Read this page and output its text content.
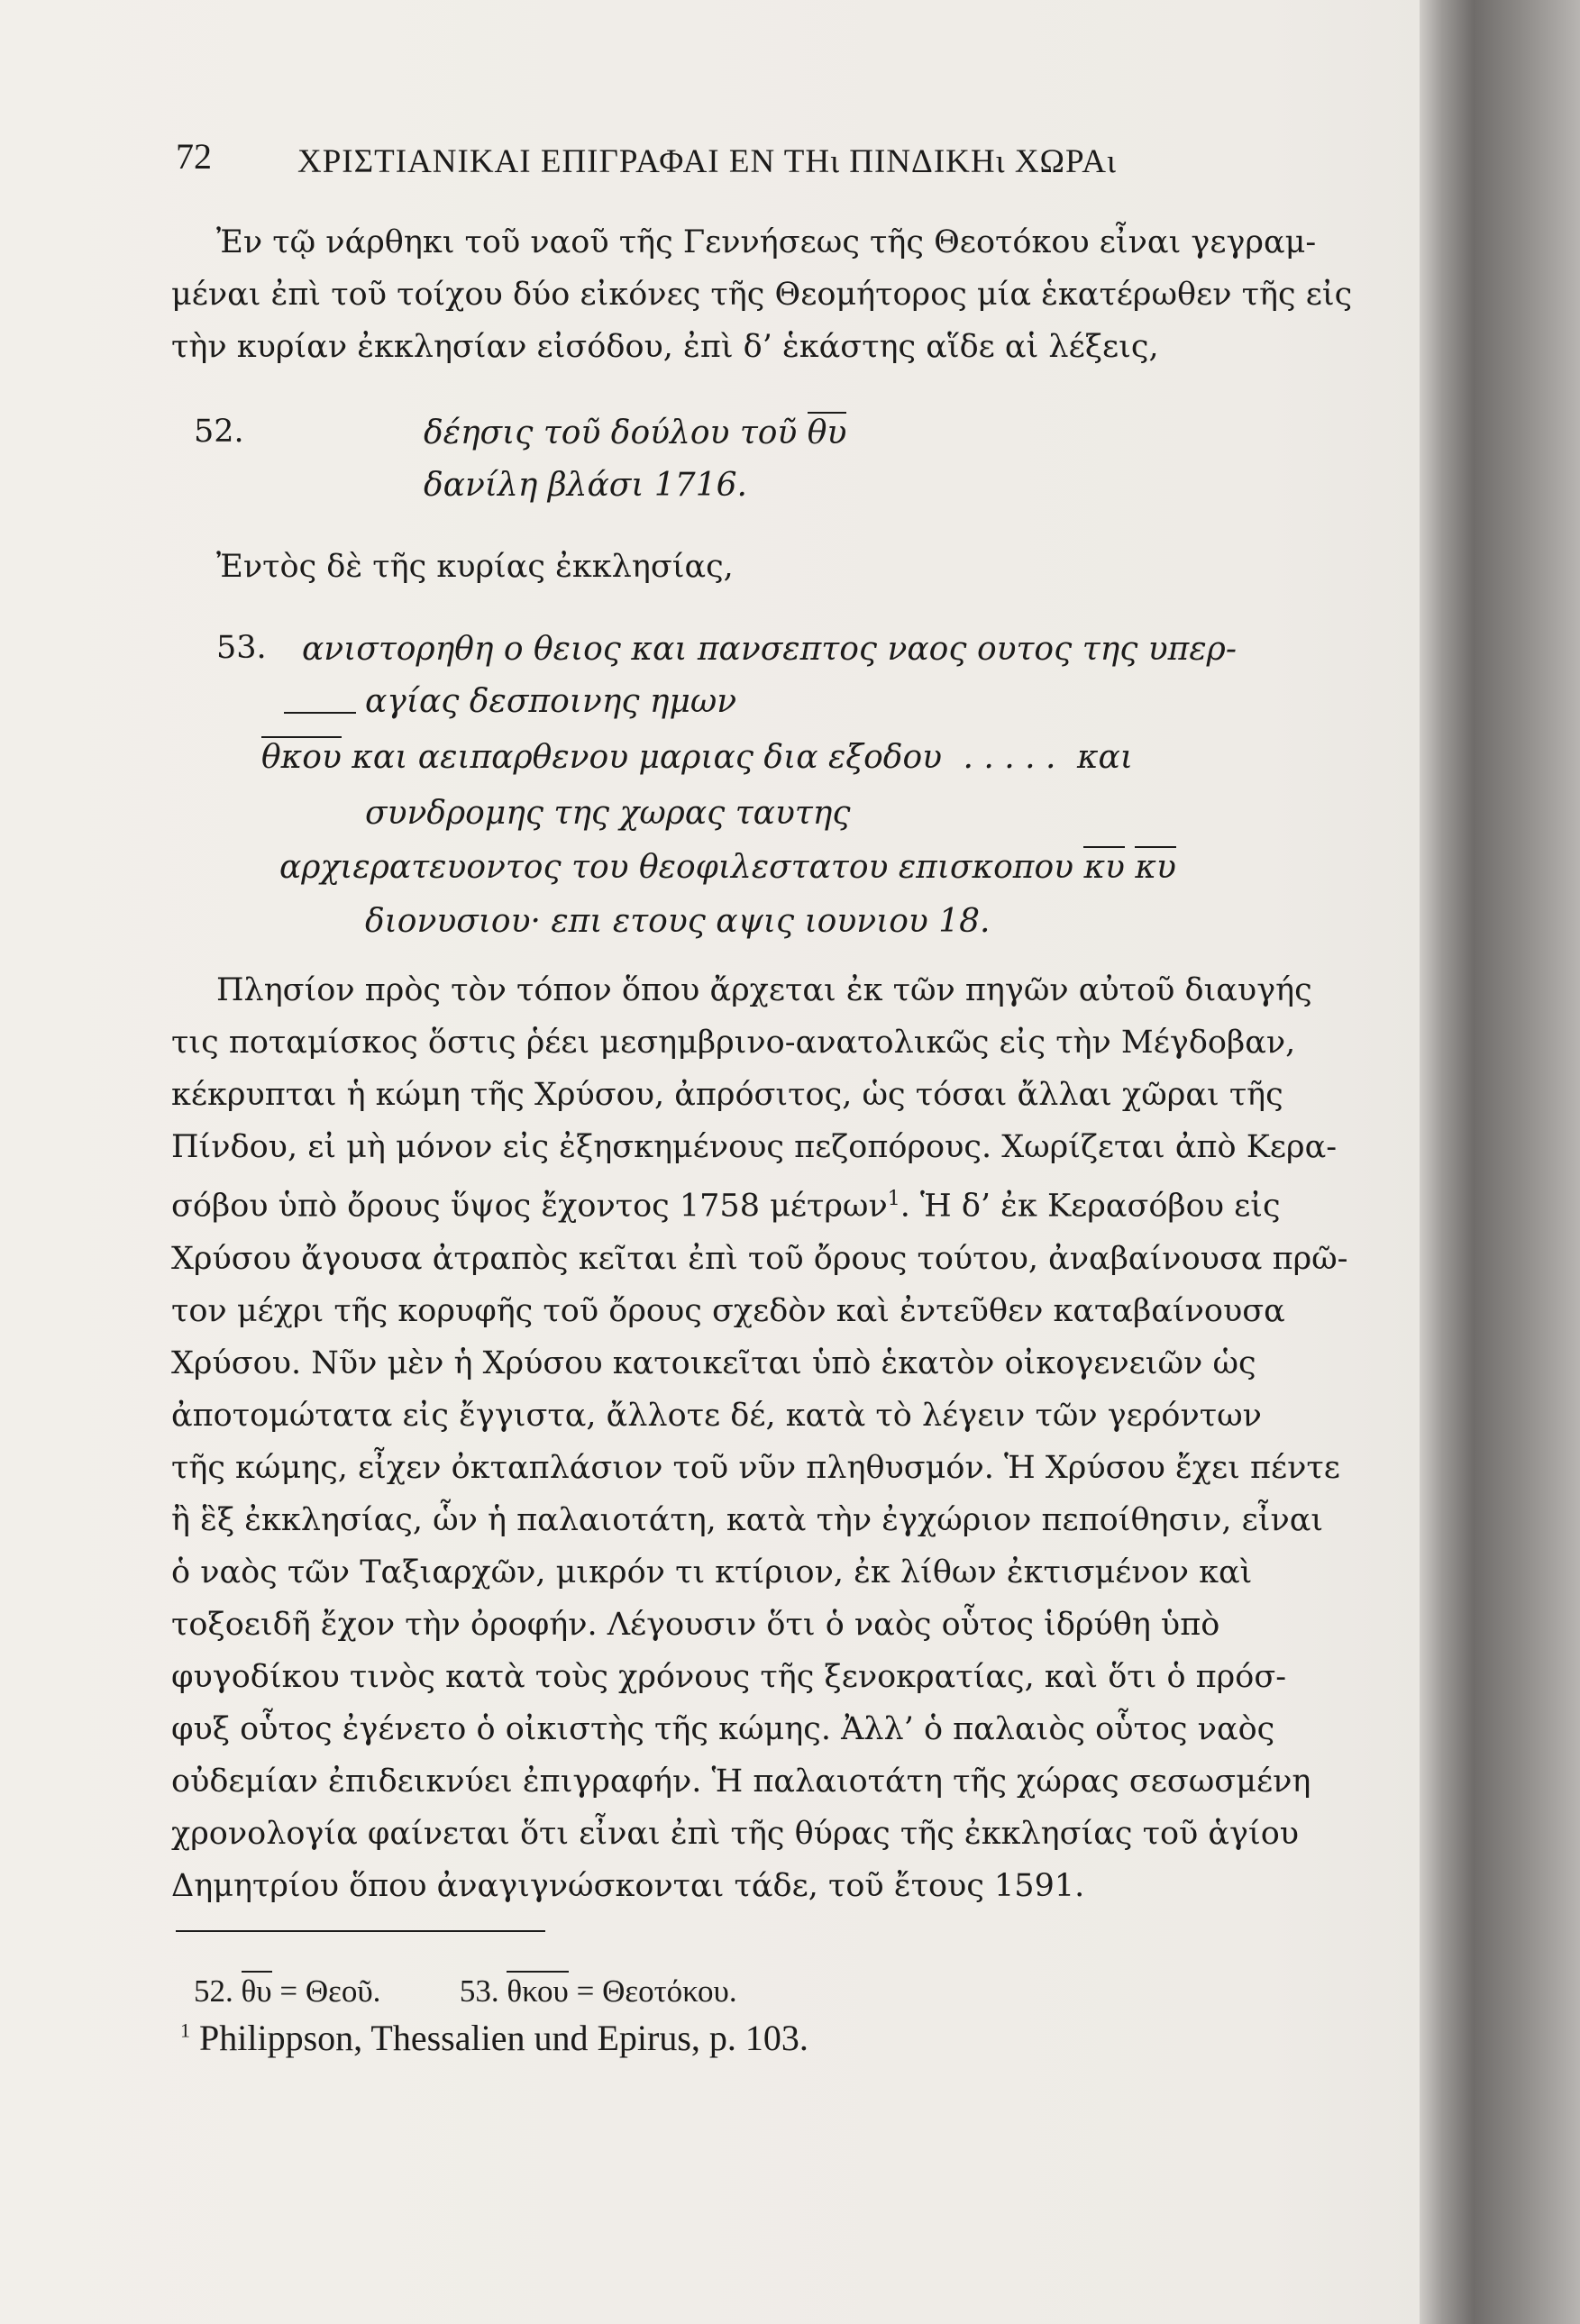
72	ΧΡΙΣΤΙΑΝΙΚΑΙ ΕΠΙΓΡΑΦΑΙ ΕΝ ΤΗι ΠΙΝΔΙΚΗι ΧΩΡΑι
Ἐν τῷ νάρθηκι τοῦ ναοῦ τῆς Γεννήσεως τῆς Θεοτόκου εἶναι γεγραμ-
μέναι ἐπὶ τοῦ τοίχου δύο εἰκόνες τῆς Θεομήτορος μία ἑκατέρωθεν τῆς εἰς
τὴν κυρίαν ἐκκλησίαν εἰσόδου, ἐπὶ δ’ ἑκάστης αἵδε αἱ λέξεις,
52.	δέησις τοῦ δούλου τοῦ θυ
δανίλη βλάσι 1716.
Ἐντὸς δὲ τῆς κυρίας ἐκκλησίας,
53. ανιστορηθη ο θειος και πανσεπτος ναος ουτος της υπερ-
αγίας δεσποινης ημων
θκου και αειπαρθενου μαριας δια εξοδου . . . . . και
συνδρομης της χωρας ταυτης
αρχιερατευοντος του θεοφιλεστατου επισκοπου κυ κυ
διονυσιου· επι ετους αψις ιουνιου 18.
Πλησίον πρὸς τὸν τόπον ὅπου ἄρχεται ἐκ τῶν πηγῶν αὐτοῦ διαυγής
τις ποταμίσκος ὅστις ῥέει μεσημβρινο-ανατολικῶς εἰς τὴν Μέγδοβαν,
κέκρυπται ἡ κώμη τῆς Χρύσου, ἀπρόσιτος, ὡς τόσαι ἄλλαι χῶραι τῆς
Πίνδου, εἰ μὴ μόνον εἰς ἐξησκημένους πεζοπόρους. Χωρίζεται ἀπὸ Κερα-
σόβου ὑπὸ ὄρους ὕψος ἔχοντος 1758 μέτρων$^1$. Ἡ δ’ ἐκ Κερασόβου εἰς
Χρύσου ἄγουσα ἀτραπὸς κεῖται ἐπὶ τοῦ ὄρους τούτου, ἀναβαίνουσα πρῶ-
τον μέχρι τῆς κορυφῆς τοῦ ὄρους σχεδὸν καὶ ἐντεῦθεν καταβαίνουσα
Χρύσου. Νῦν μὲν ἡ Χρύσου κατοικεῖται ὑπὸ ἑκατὸν οἰκογενειῶν ὡς
ἀποτομώτατα εἰς ἔγγιστα, ἄλλοτε δέ, κατὰ τὸ λέγειν τῶν γερόντων
τῆς κώμης, εἶχεν ὀκταπλάσιον τοῦ νῦν πληθυσμόν. Ἡ Χρύσου ἔχει πέντε
ἢ ἓξ ἐκκλησίας, ὧν ἡ παλαιοτάτη, κατὰ τὴν ἐγχώριον πεποίθησιν, εἶναι
ὁ ναὸς τῶν Ταξιαρχῶν, μικρόν τι κτίριον, ἐκ λίθων ἐκτισμένον καὶ
τοξοειδῆ ἔχον τὴν ὀροφήν. Λέγουσιν ὅτι ὁ ναὸς οὗτος ἱδρύθη ὑπὸ
φυγοδίκου τινὸς κατὰ τοὺς χρόνους τῆς ξενοκρατίας, καὶ ὅτι ὁ πρόσ-
φυξ οὗτος ἐγένετο ὁ οἰκιστὴς τῆς κώμης. Ἀλλ’ ὁ παλαιὸς οὗτος ναὸς
οὐδεμίαν ἐπιδεικνύει ἐπιγραφήν. Ἡ παλαιοτάτη τῆς χώρας σεσωσμένη
χρονολογία φαίνεται ὅτι εἶναι ἐπὶ τῆς θύρας τῆς ἐκκλησίας τοῦ ἁγίου
Δημητρίου ὅπου ἀναγιγνώσκονται τάδε, τοῦ ἔτους 1591.
52. θυ = Θεοῦ.	53. θκου = Θεοτόκου.
$^1$ Philippson, Thessalien und Epirus, p. 103.
